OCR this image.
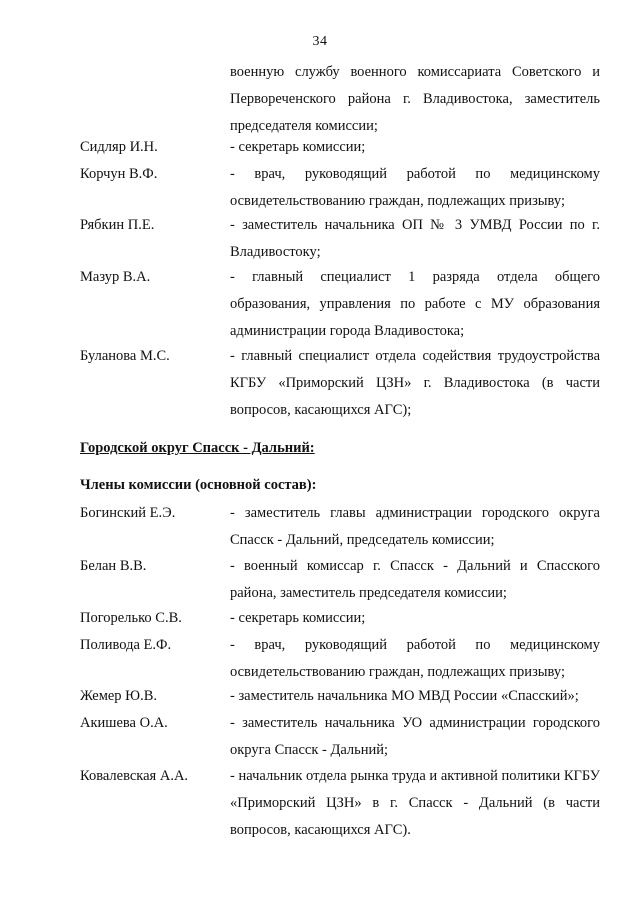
34
военную службу военного комиссариата Советского и Первореченского района г. Владивостока, заместитель председателя комиссии;
Сидляр И.Н.	- секретарь комиссии;
Корчун В.Ф.	- врач, руководящий работой по медицинскому освидетельствованию граждан, подлежащих призыву;
Рябкин П.Е.	- заместитель начальника ОП № 3 УМВД России по г. Владивостоку;
Мазур В.А.	- главный специалист 1 разряда отдела общего образования, управления по работе с МУ образования администрации города Владивостока;
Буланова М.С.	- главный специалист отдела содействия трудоустройства КГБУ «Приморский ЦЗН» г. Владивостока (в части вопросов, касающихся АГС);
Городской округ Спасск - Дальний:
Члены комиссии (основной состав):
Богинский Е.Э.	- заместитель главы администрации городского округа Спасск - Дальний, председатель комиссии;
Белан В.В.	- военный комиссар г. Спасск - Дальний и Спасского района, заместитель председателя комиссии;
Погорелько С.В.	- секретарь комиссии;
Поливода Е.Ф.	- врач, руководящий работой по медицинскому освидетельствованию граждан, подлежащих призыву;
Жемер Ю.В.	- заместитель начальника МО МВД России «Спасский»;
Акишева О.А.	- заместитель начальника УО администрации городского округа Спасск - Дальний;
Ковалевская А.А.	- начальник отдела рынка труда и активной политики КГБУ «Приморский ЦЗН» в г. Спасск - Дальний (в части вопросов, касающихся АГС).
